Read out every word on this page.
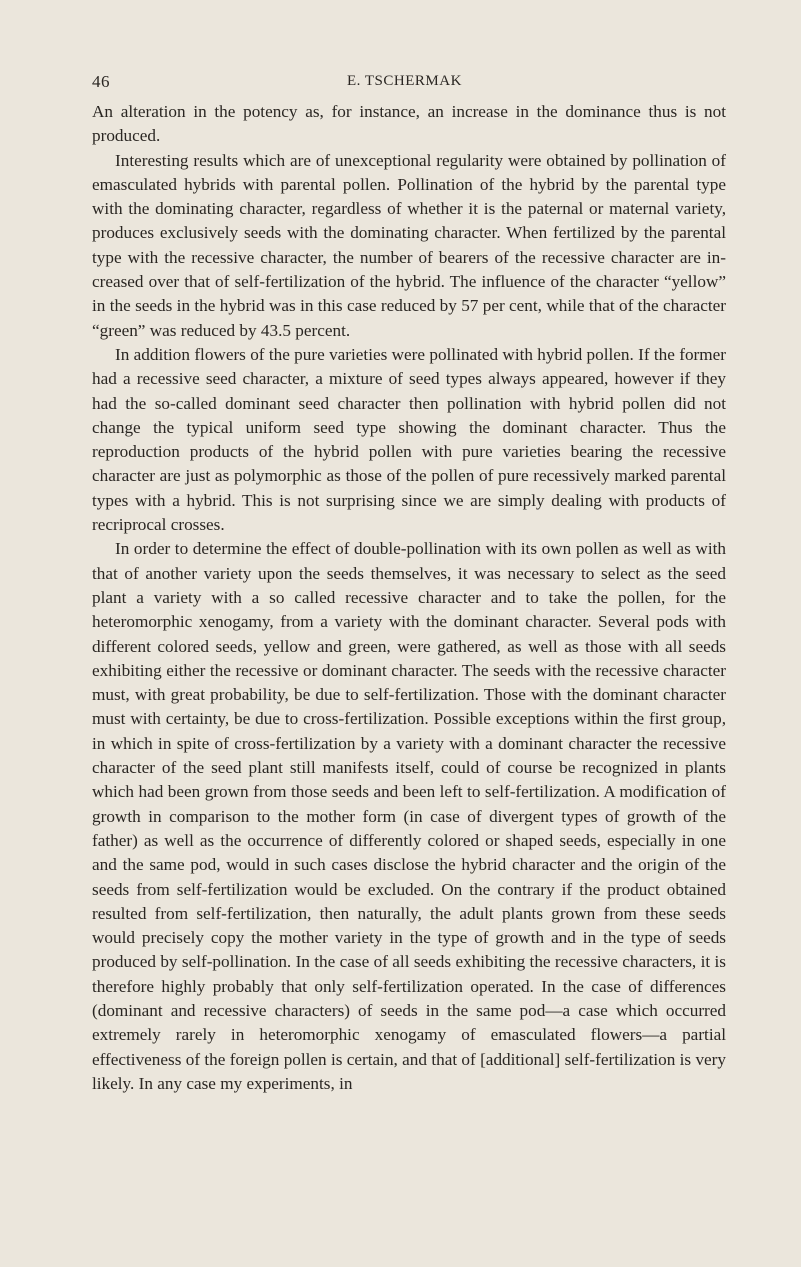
46	E. TSCHERMAK

An alteration in the potency as, for instance, an increase in the dominance thus is not produced.

Interesting results which are of unexceptional regularity were obtained by pollination of emasculated hybrids with parental pollen. Pollination of the hybrid by the parental type with the dominating character, regardless of whether it is the paternal or maternal variety, produces exclusively seeds with the dominating character. When fertilized by the parental type with the recessive character, the number of bearers of the recessive character are increased over that of self-fertilization of the hybrid. The influence of the character “yellow” in the seeds in the hybrid was in this case reduced by 57 per cent, while that of the character “green” was reduced by 43.5 percent.

In addition flowers of the pure varieties were pollinated with hybrid pollen. If the former had a recessive seed character, a mixture of seed types always appeared, however if they had the so-called dominant seed character then pollination with hybrid pollen did not change the typical uniform seed type showing the dominant character. Thus the reproduction products of the hybrid pollen with pure varieties bearing the recessive character are just as polymorphic as those of the pollen of pure recessively marked parental types with a hybrid. This is not surprising since we are simply dealing with products of recriprocal crosses.

In order to determine the effect of double-pollination with its own pollen as well as with that of another variety upon the seeds themselves, it was necessary to select as the seed plant a variety with a so called recessive character and to take the pollen, for the heteromorphic xenogamy, from a variety with the dominant character. Several pods with different colored seeds, yellow and green, were gathered, as well as those with all seeds exhibiting either the recessive or dominant character. The seeds with the recessive character must, with great probability, be due to self-fertilization. Those with the dominant character must with certainty, be due to cross-fertilization. Possible exceptions within the first group, in which in spite of cross-fertilization by a variety with a dominant character the recessive character of the seed plant still manifests itself, could of course be recognized in plants which had been grown from those seeds and been left to self-fertilization. A modification of growth in comparison to the mother form (in case of divergent types of growth of the father) as well as the occurrence of differently colored or shaped seeds, especially in one and the same pod, would in such cases disclose the hybrid character and the origin of the seeds from self-fertilization would be excluded. On the contrary if the product obtained resulted from self-fertilization, then naturally, the adult plants grown from these seeds would precisely copy the mother variety in the type of growth and in the type of seeds produced by self-pollination. In the case of all seeds exhibiting the recessive characters, it is therefore highly probably that only self-fertilization operated. In the case of differences (dominant and recessive characters) of seeds in the same pod—a case which occurred extremely rarely in heteromorphic xenogamy of emasculated flowers—a partial effectiveness of the foreign pollen is certain, and that of [additional] self-fertilization is very likely. In any case my experiments, in
